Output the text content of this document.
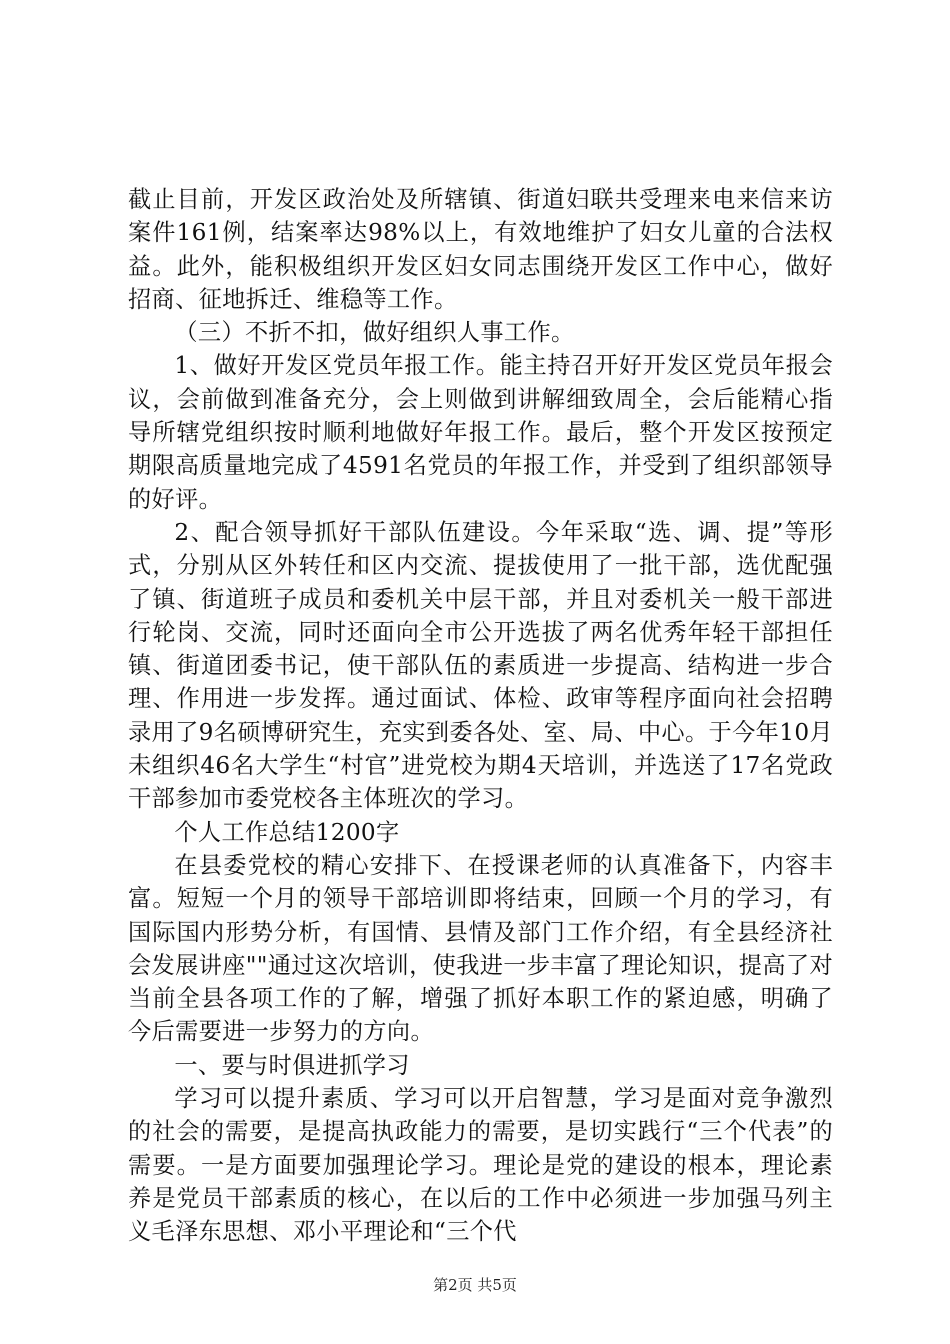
截止目前，开发区政治处及所辖镇、街道妇联共受理来电来信来访案件161例，结案率达98%以上，有效地维护了妇女儿童的合法权益。此外，能积极组织开发区妇女同志围绕开发区工作中心，做好招商、征地拆迁、维稳等工作。

（三）不折不扣，做好组织人事工作。

1、做好开发区党员年报工作。能主持召开好开发区党员年报会议，会前做到准备充分，会上则做到讲解细致周全，会后能精心指导所辖党组织按时顺利地做好年报工作。最后，整个开发区按预定期限高质量地完成了4591名党员的年报工作，并受到了组织部领导的好评。

2、配合领导抓好干部队伍建设。今年采取“选、调、提”等形式，分别从区外转任和区内交流、提拔使用了一批干部，选优配强了镇、街道班子成员和委机关中层干部，并且对委机关一般干部进行轮岗、交流，同时还面向全市公开选拔了两名优秀年轻干部担任镇、街道团委书记，使干部队伍的素质进一步提高、结构进一步合理、作用进一步发挥。通过面试、体检、政审等程序面向社会招聘录用了9名硕博研究生，充实到委各处、室、局、中心。于今年10月未组织46名大学生“村官”进党校为期4天培训，并选送了17名党政干部参加市委党校各主体班次的学习。

个人工作总结1200字

在县委党校的精心安排下、在授课老师的认真准备下，内容丰富。短短一个月的领导干部培训即将结束，回顾一个月的学习，有国际国内形势分析，有国情、县情及部门工作介绍，有全县经济社会发展讲座""通过这次培训，使我进一步丰富了理论知识，提高了对当前全县各项工作的了解，增强了抓好本职工作的紧迫感，明确了今后需要进一步努力的方向。

一、要与时俱进抓学习

学习可以提升素质、学习可以开启智慧，学习是面对竞争激烈的社会的需要，是提高执政能力的需要，是切实践行“三个代表”的需要。一是方面要加强理论学习。理论是党的建设的根本，理论素养是党员干部素质的核心，在以后的工作中必须进一步加强马列主义毛泽东思想、邓小平理论和“三个代

第2页 共5页
